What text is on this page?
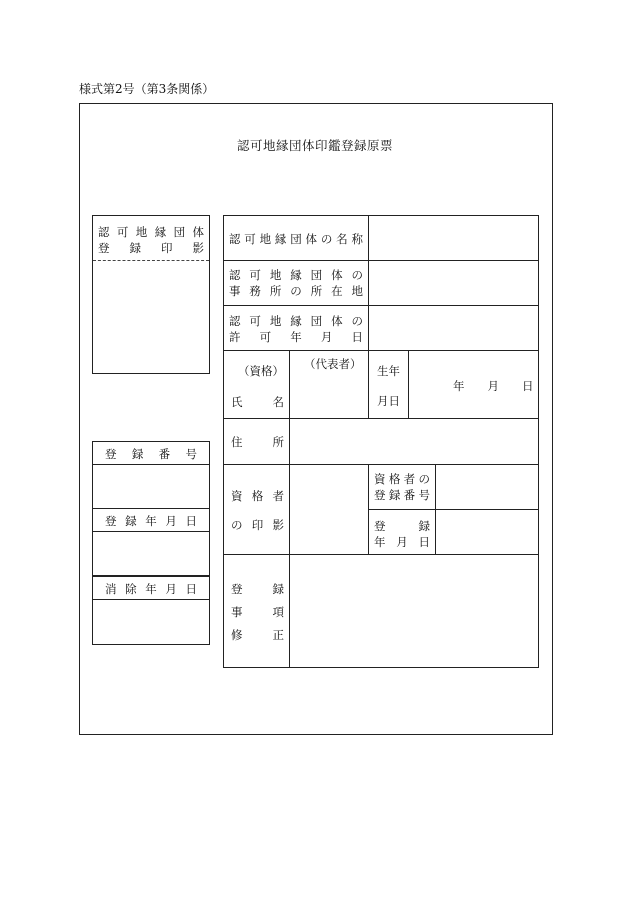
様式第2号（第3条関係）
認可地縁団体印鑑登録原票
認可地縁団体
登録印影
登録番号
登録年月日
消除年月日
認可地縁団体の名称
認可地縁団体の
事務所の所在地
認可地縁団体の
許可年月日
（資格）
氏名
（代表者） 生年
月日
年　　月　　日
住所
資格者
の印影
資格者の
登録番号
登録
年月日
登録
事項
修正
